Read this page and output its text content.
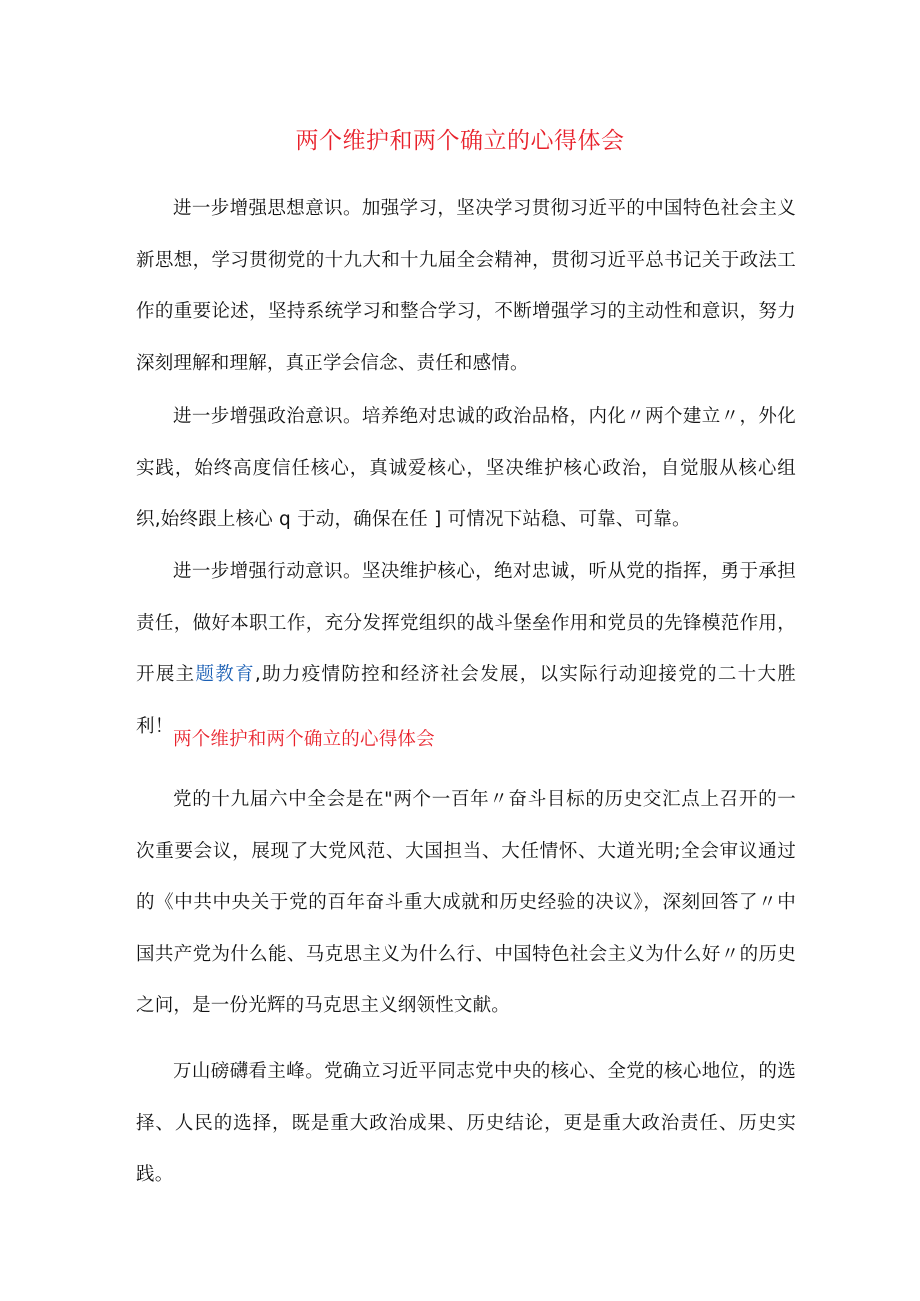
两个维护和两个确立的心得体会
进一步增强思想意识。加强学习，坚决学习贯彻习近平的中国特色社会主义新思想，学习贯彻党的十九大和十九届全会精神，贯彻习近平总书记关于政法工作的重要论述，坚持系统学习和整合学习，不断增强学习的主动性和意识，努力深刻理解和理解，真正学会信念、责任和感情。
进一步增强政治意识。培养绝对忠诚的政治品格，内化〃两个建立〃，外化实践，始终高度信任核心，真诚爱核心，坚决维护核心政治，自觉服从核心组织,始终跟上核心 q 于动，确保在任 ] 可情况下站稳、可靠、可靠。
进一步增强行动意识。坚决维护核心，绝对忠诚，听从党的指挥，勇于承担责任，做好本职工作，充分发挥党组织的战斗堡垒作用和党员的先锋模范作用，开展主题教育,助力疫情防控和经济社会发展，以实际行动迎接党的二十大胜利！
两个维护和两个确立的心得体会
党的十九届六中全会是在"两个一百年〃奋斗目标的历史交汇点上召开的一次重要会议，展现了大党风范、大国担当、大任情怀、大道光明;全会审议通过的《中共中央关于党的百年奋斗重大成就和历史经验的决议》，深刻回答了〃中国共产党为什么能、马克思主义为什么行、中国特色社会主义为什么好〃的历史之问，是一份光辉的马克思主义纲领性文献。
万山磅礴看主峰。党确立习近平同志党中央的核心、全党的核心地位，的选择、人民的选择，既是重大政治成果、历史结论，更是重大政治责任、历史实践。
